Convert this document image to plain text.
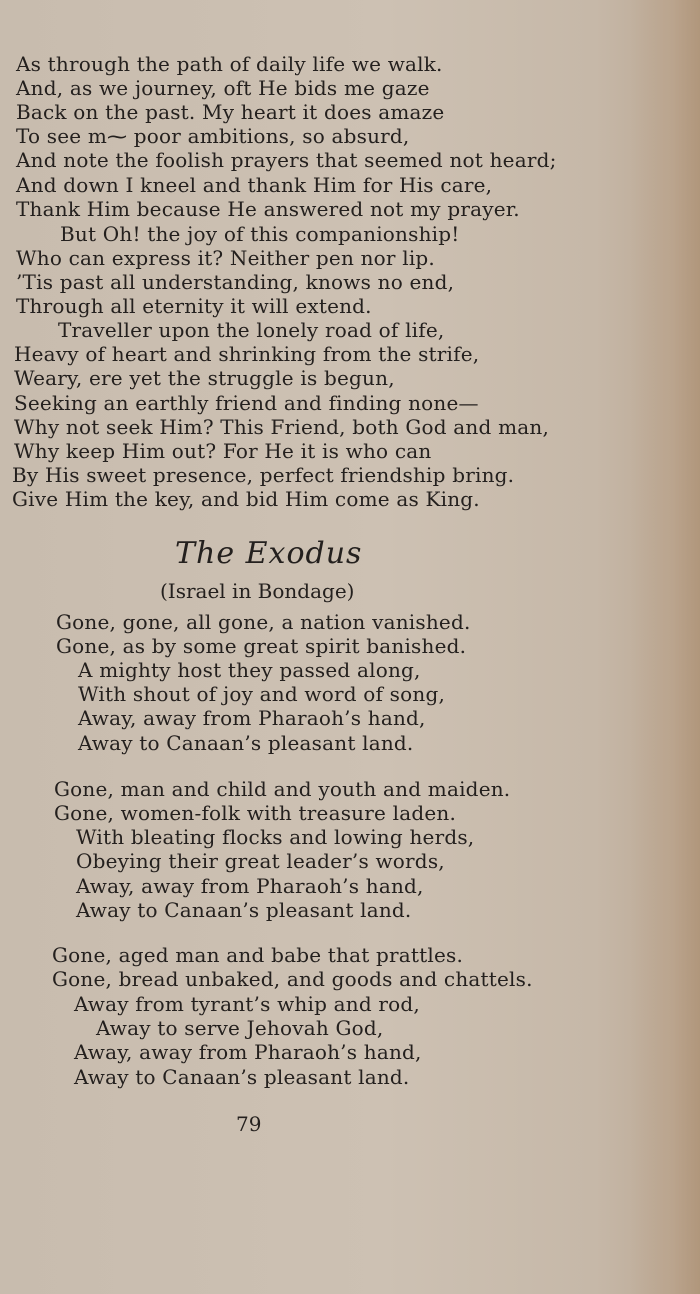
As through the path of daily life we walk.
And, as we journey, oft He bids me gaze
Back on the past. My heart it does amaze
To see m⁓ poor ambitions, so absurd,
And note the foolish prayers that seemed not heard;
And down I kneel and thank Him for His care,
Thank Him because He answered not my prayer.
But Oh! the joy of this companionship!
Who can express it? Neither pen nor lip.
’Tis past all understanding, knows no end,
Through all eternity it will extend.
Traveller upon the lonely road of life,
Heavy of heart and shrinking from the strife,
Weary, ere yet the struggle is begun,
Seeking an earthly friend and finding none—
Why not seek Him? This Friend, both God and man,
Why keep Him out? For He it is who can
By His sweet presence, perfect friendship bring.
Give Him the key, and bid Him come as King.
The Exodus
(Israel in Bondage)
Gone, gone, all gone, a nation vanished.
Gone, as by some great spirit banished.
A mighty host they passed along,
With shout of joy and word of song,
Away, away from Pharaoh’s hand,
Away to Canaan’s pleasant land.
Gone, man and child and youth and maiden.
Gone, women-folk with treasure laden.
With bleating flocks and lowing herds,
Obeying their great leader’s words,
Away, away from Pharaoh’s hand,
Away to Canaan’s pleasant land.
Gone, aged man and babe that prattles.
Gone, bread unbaked, and goods and chattels.
Away from tyrant’s whip and rod,
Away to serve Jehovah God,
Away, away from Pharaoh’s hand,
Away to Canaan’s pleasant land.
79
